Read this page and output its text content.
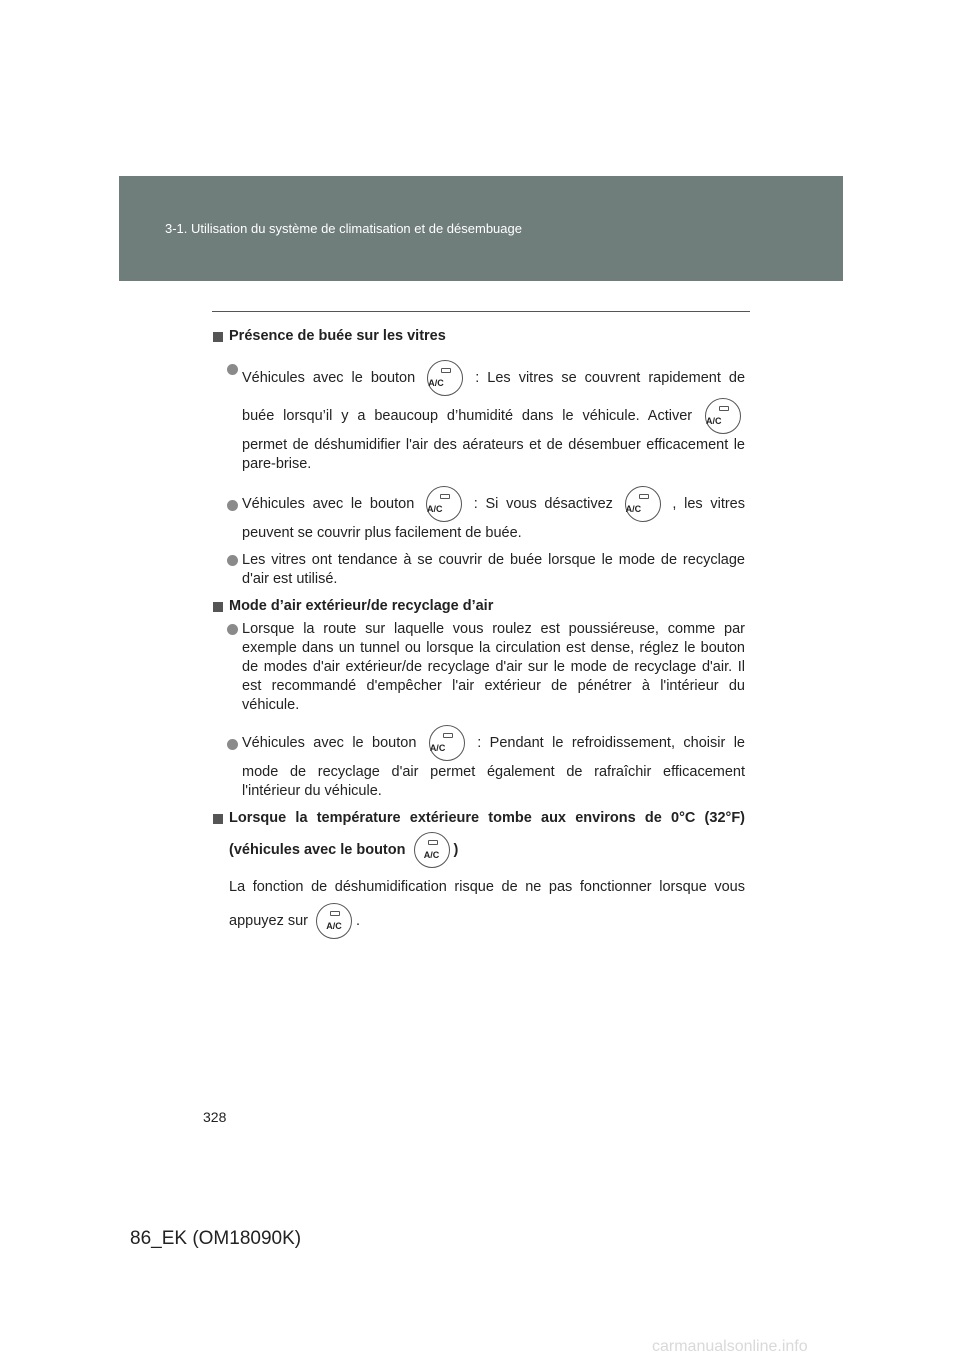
3-1. Utilisation du système de climatisation et de désembuage

Présence de buée sur les vitres

Véhicules avec le bouton A/C	: Les vitres se couvrent rapidement de

buée lorsqu’il y a beaucoup d’humidité dans le véhicule. Activer A/C

permet de déshumidifier l'air des aérateurs et de désembuer efficacement le pare-brise.

Véhicules avec le bouton A/C	: Si vous désactivez A/C	, les vitres

peuvent se couvrir plus facilement de buée.

Les vitres ont tendance à se couvrir de buée lorsque le mode de recyclage d'air est utilisé.

Mode d’air extérieur/de recyclage d’air

Lorsque la route sur laquelle vous roulez est poussiéreuse, comme par exemple dans un tunnel ou lorsque la circulation est dense, réglez le bouton de modes d'air extérieur/de recyclage d'air sur le mode de recyclage d'air. Il est recommandé d'empêcher l'air extérieur de pénétrer à l'intérieur du véhicule.

Véhicules avec le bouton A/C	: Pendant le refroidissement, choisir le

mode de recyclage d'air permet également de rafraîchir efficacement l'intérieur du véhicule.

Lorsque la température extérieure tombe aux environs de 0°C (32°F)

(véhicules avec le bouton	A/C )

La fonction de déshumidification risque de ne pas fonctionner lorsque vous

appuyez sur	A/C .

328
86_EK (OM18090K)
carmanualsonline.info
